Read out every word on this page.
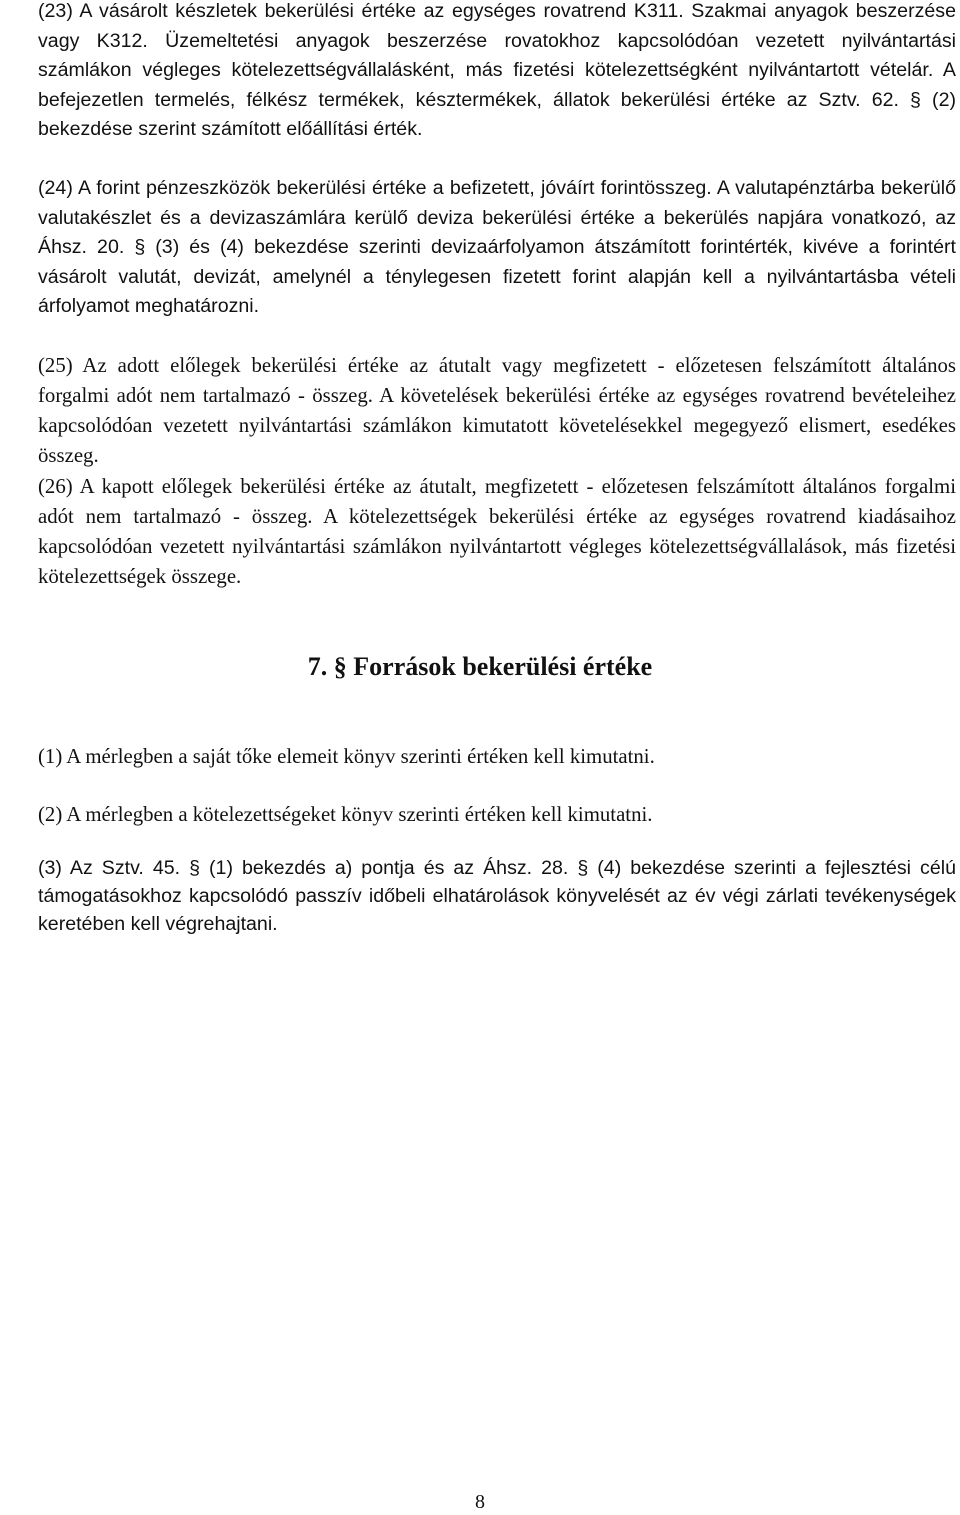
(23) A vásárolt készletek bekerülési értéke az egységes rovatrend K311. Szakmai anyagok beszerzése vagy K312. Üzemeltetési anyagok beszerzése rovatokhoz kapcsolódóan vezetett nyilvántartási számlákon végleges kötelezettségvállalásként, más fizetési kötelezettségként nyilvántartott vételár. A befejezetlen termelés, félkész termékek, késztermékek, állatok bekerülési értéke az Sztv. 62. § (2) bekezdése szerint számított előállítási érték.

(24) A forint pénzeszközök bekerülési értéke a befizetett, jóváírt forintösszeg. A valutapénztárba bekerülő valutakészlet és a devizaszámlára kerülő deviza bekerülési értéke a bekerülés napjára vonatkozó, az Áhsz. 20. § (3) és (4) bekezdése szerinti devizaárfolyamon átszámított forintérték, kivéve a forintért vásárolt valutát, devizát, amelynél a ténylegesen fizetett forint alapján kell a nyilvántartásba vételi árfolyamot meghatározni.

(25) Az adott előlegek bekerülési értéke az átutalt vagy megfizetett - előzetesen felszámított általános forgalmi adót nem tartalmazó - összeg. A követelések bekerülési értéke az egységes rovatrend bevételeihez kapcsolódóan vezetett nyilvántartási számlákon kimutatott követelésekkel megegyező elismert, esedékes összeg.

(26) A kapott előlegek bekerülési értéke az átutalt, megfizetett - előzetesen felszámított általános forgalmi adót nem tartalmazó - összeg. A kötelezettségek bekerülési értéke az egységes rovatrend kiadásaihoz kapcsolódóan vezetett nyilvántartási számlákon nyilvántartott végleges kötelezettségvállalások, más fizetési kötelezettségek összege.

7. § Források bekerülési értéke

(1) A mérlegben a saját tőke elemeit könyv szerinti értéken kell kimutatni.

(2) A mérlegben a kötelezettségeket könyv szerinti értéken kell kimutatni.

(3) Az Sztv. 45. § (1) bekezdés a) pontja és az Áhsz. 28. § (4) bekezdése szerinti a fejlesztési célú támogatásokhoz kapcsolódó passzív időbeli elhatárolások könyvelését az év végi zárlati tevékenységek keretében kell végrehajtani.

8
